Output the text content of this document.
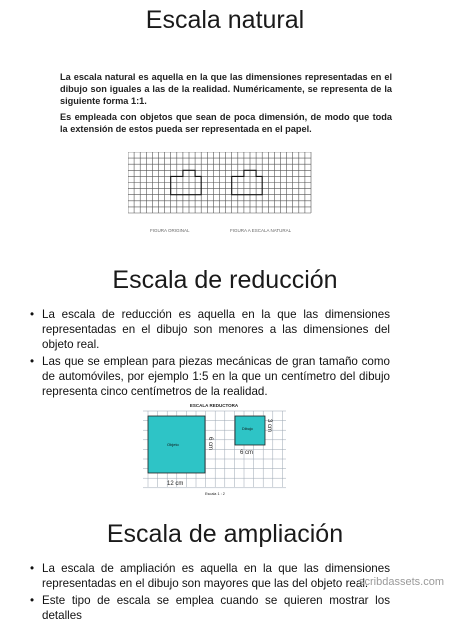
Escala natural

La escala natural es aquella en la que las dimensiones representadas en el dibujo son iguales a las de la realidad. Numéricamente, se representa de la siguiente forma 1:1.

Es empleada con objetos que sean de poca dimensión, de modo que toda la extensión de estos pueda ser representada en el papel.

FIGURA ORIGINAL	FIGURA A ESCALA NATURAL
Escala de reducción
• La escala de reducción es aquella en la que las dimensiones representadas en el dibujo son menores a las dimensiones del objeto real.
• Las que se emplean para piezas mecánicas de gran tamaño como de automóviles, por ejemplo 1:5 en la que un centímetro del dibujo representa cinco centímetros de la realidad.
ESCALA REDUCTORA
Objeto
Dibujo
12 cm
6 cm
6 cm
3 cm
Escala 1 : 2
Escala de ampliación
• La escala de ampliación es aquella en la que las dimensiones representadas en el dibujo son mayores que las del objeto real.
• Este tipo de escala se emplea cuando se quieren mostrar los detalles
scribdassets.com
